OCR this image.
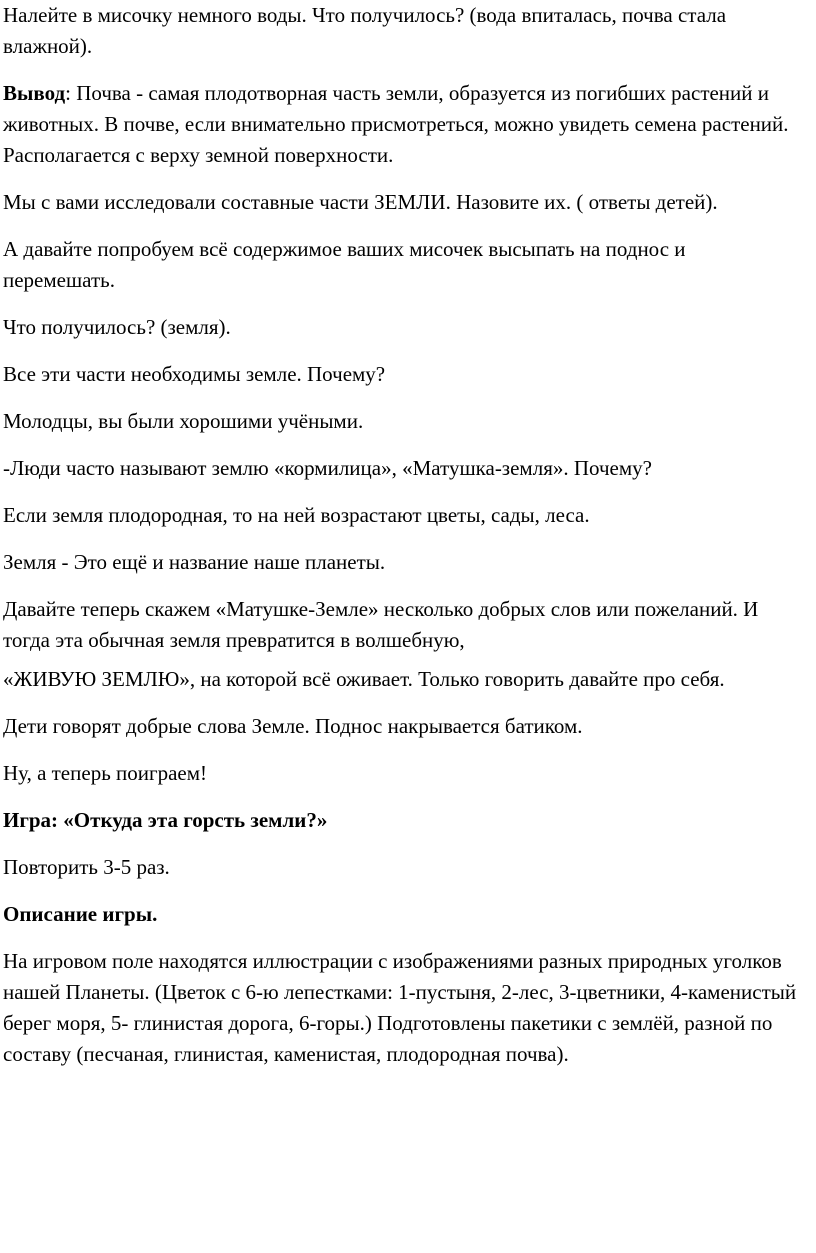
Налейте в мисочку немного воды. Что получилось? (вода впиталась, почва стала влажной).

Вывод: Почва - самая плодотворная часть земли, образуется из погибших растений и животных. В почве, если внимательно присмотреться, можно увидеть семена растений. Располагается с верху земной поверхности.

Мы с вами исследовали составные части ЗЕМЛИ. Назовите их. ( ответы детей).

А давайте попробуем всё содержимое ваших мисочек высыпать на поднос и перемешать.

Что получилось? (земля).

Все эти части необходимы земле. Почему?

Молодцы, вы были хорошими учёными.

-Люди часто называют землю «кормилица», «Матушка-земля». Почему?

Если земля плодородная, то на ней возрастают цветы, сады, леса.

Земля - Это ещё и название наше планеты.

Давайте теперь скажем «Матушке-Земле» несколько добрых слов или пожеланий. И тогда эта обычная земля превратится в волшебную,

«ЖИВУЮ ЗЕМЛЮ», на которой всё оживает. Только говорить давайте про себя.

Дети говорят добрые слова Земле. Поднос накрывается батиком.

Ну, а теперь поиграем!

Игра: «Откуда эта горсть земли?»

Повторить 3-5 раз.

Описание игры.

На игровом поле находятся иллюстрации с изображениями разных природных уголков нашей Планеты. (Цветок с 6-ю лепестками: 1-пустыня, 2-лес, 3-цветники, 4-каменистый берег моря, 5- глинистая дорога, 6-горы.) Подготовлены пакетики с землёй, разной по составу (песчаная, глинистая, каменистая, плодородная почва).
